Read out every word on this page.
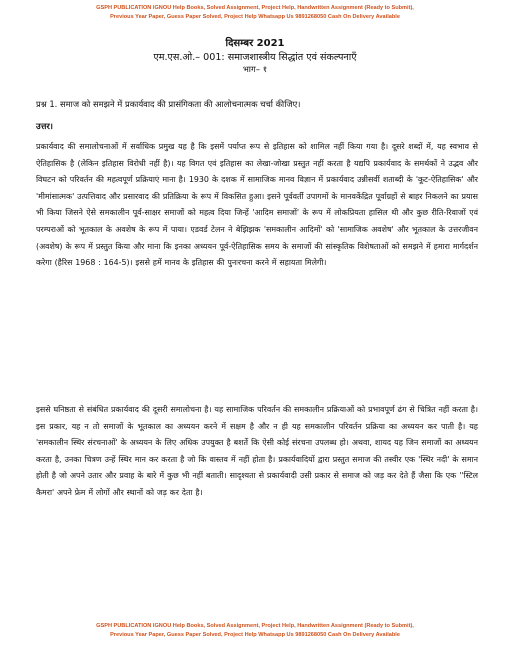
GSPH PUBLICATION IGNOU Help Books, Solved Assignment, Project Help, Handwritten Assignment (Ready to Submit),
Previous Year Paper, Guess Paper Solved, Project Help Whatsapp Us 9891268050 Cash On Delivery Available
दिसम्बर 2021
एम.एस.ओ.– 001: समाजशास्त्रीय सिद्धांत एवं संकल्पनाएँ
भाग– १
प्रश्न 1. समाज को समझने में प्रकार्यवाद की प्रासंगिकता की आलोचनात्मक चर्चा कीजिए।
उत्तर।
प्रकार्यवाद की समालोचनाओं में सर्वाधिक प्रमुख यह है कि इसमें पर्याप्त रूप से इतिहास को शामिल नहीं किया गया है। दूसरे शब्दों में, यह स्वभाव से ऐतिहासिक है (लेकिन इतिहास विरोधी नहीं है)। यह विगत एवं इतिहास का लेखा-जोखा प्रस्तुत नहीं करता है यद्यपि प्रकार्यवाद के समर्थकों ने उद्भव और विघटन को परिवर्तन की महत्वपूर्ण प्रक्रियाएं माना है। 1930 के दशक में सामाजिक मानव विज्ञान में प्रकार्यवाद उन्नीसवीं शताब्दी के 'कूट-ऐतिहासिक' और 'मीमांसात्मक' उत्पत्तिवाद और प्रसारवाद की प्रतिक्रिया के रूप में विकसित हुआ। इसने पूर्ववर्ती उपागमों के मानवकेंद्रित पूर्वाग्रहों से बाहर निकलने का प्रयास भी किया जिसने ऐसे समकालीन पूर्व-साक्षर समाजों को महत्व दिया जिन्हें 'आदिम समाजों' के रूप में लोकप्रियता हासिल थी और कुछ रीति-रिवाजों एवं परम्पराओं को भूतकाल के अवशेष के रूप में पाया। एडवर्ड टेलन ने बेझिझक 'समकालीन आदिमों' को 'सामाजिक अवशेष' और भूतकाल के उत्तरजीवन (अवशेष) के रूप में प्रस्तुत किया और माना कि इनका अध्ययन पूर्व-ऐतिहासिक समय के समाजों की सांस्कृतिक विशेषताओं को समझने में हमारा मार्गदर्शन करेगा (हैरिस 1968 : 164-5)। इससे हमें मानव के इतिहास की पुनःरचना करने में सहायता मिलेगी।
इससे घनिष्ठता से संबंधित प्रकार्यवाद की दूसरी समालोचना है। यह सामाजिक परिवर्तन की समकालीन प्रक्रियाओं को प्रभावपूर्ण ढंग से चित्रित नहीं करता है। इस प्रकार, यह न तो समाजों के भूतकाल का अध्ययन करने में सक्षम है और न ही यह समकालीन परिवर्तन प्रक्रिया का अध्ययन कर पाती है। यह 'समकालीन स्थिर संरचनाओं' के अध्ययन के लिए अधिक उपयुक्त है बशर्ते कि ऐसी कोई संरचना उपलब्ध हो। अथवा, शायद यह जिन समाजों का अध्ययन करता है, उनका चित्रण उन्हें स्थिर मान कर करता है जो कि वास्तव में नहीं होता है। प्रकार्यवादियों द्वारा प्रस्तुत समाज की तस्वीर एक 'स्थिर नदी' के समान होती है जो अपने उतार और प्रवाह के बारे में कुछ भी नहीं बताती। सादृश्यता से प्रकार्यवादी उसी प्रकार से समाज को जड़ कर देते हैं जैसा कि एक ''स्टिल कैमरा' अपने फ्रेम में लोगों और स्थानों को जड़ कर देता है।
GSPH PUBLICATION IGNOU Help Books, Solved Assignment, Project Help, Handwritten Assignment (Ready to Submit),
Previous Year Paper, Guess Paper Solved, Project Help Whatsapp Us 9891268050 Cash On Delivery Available
